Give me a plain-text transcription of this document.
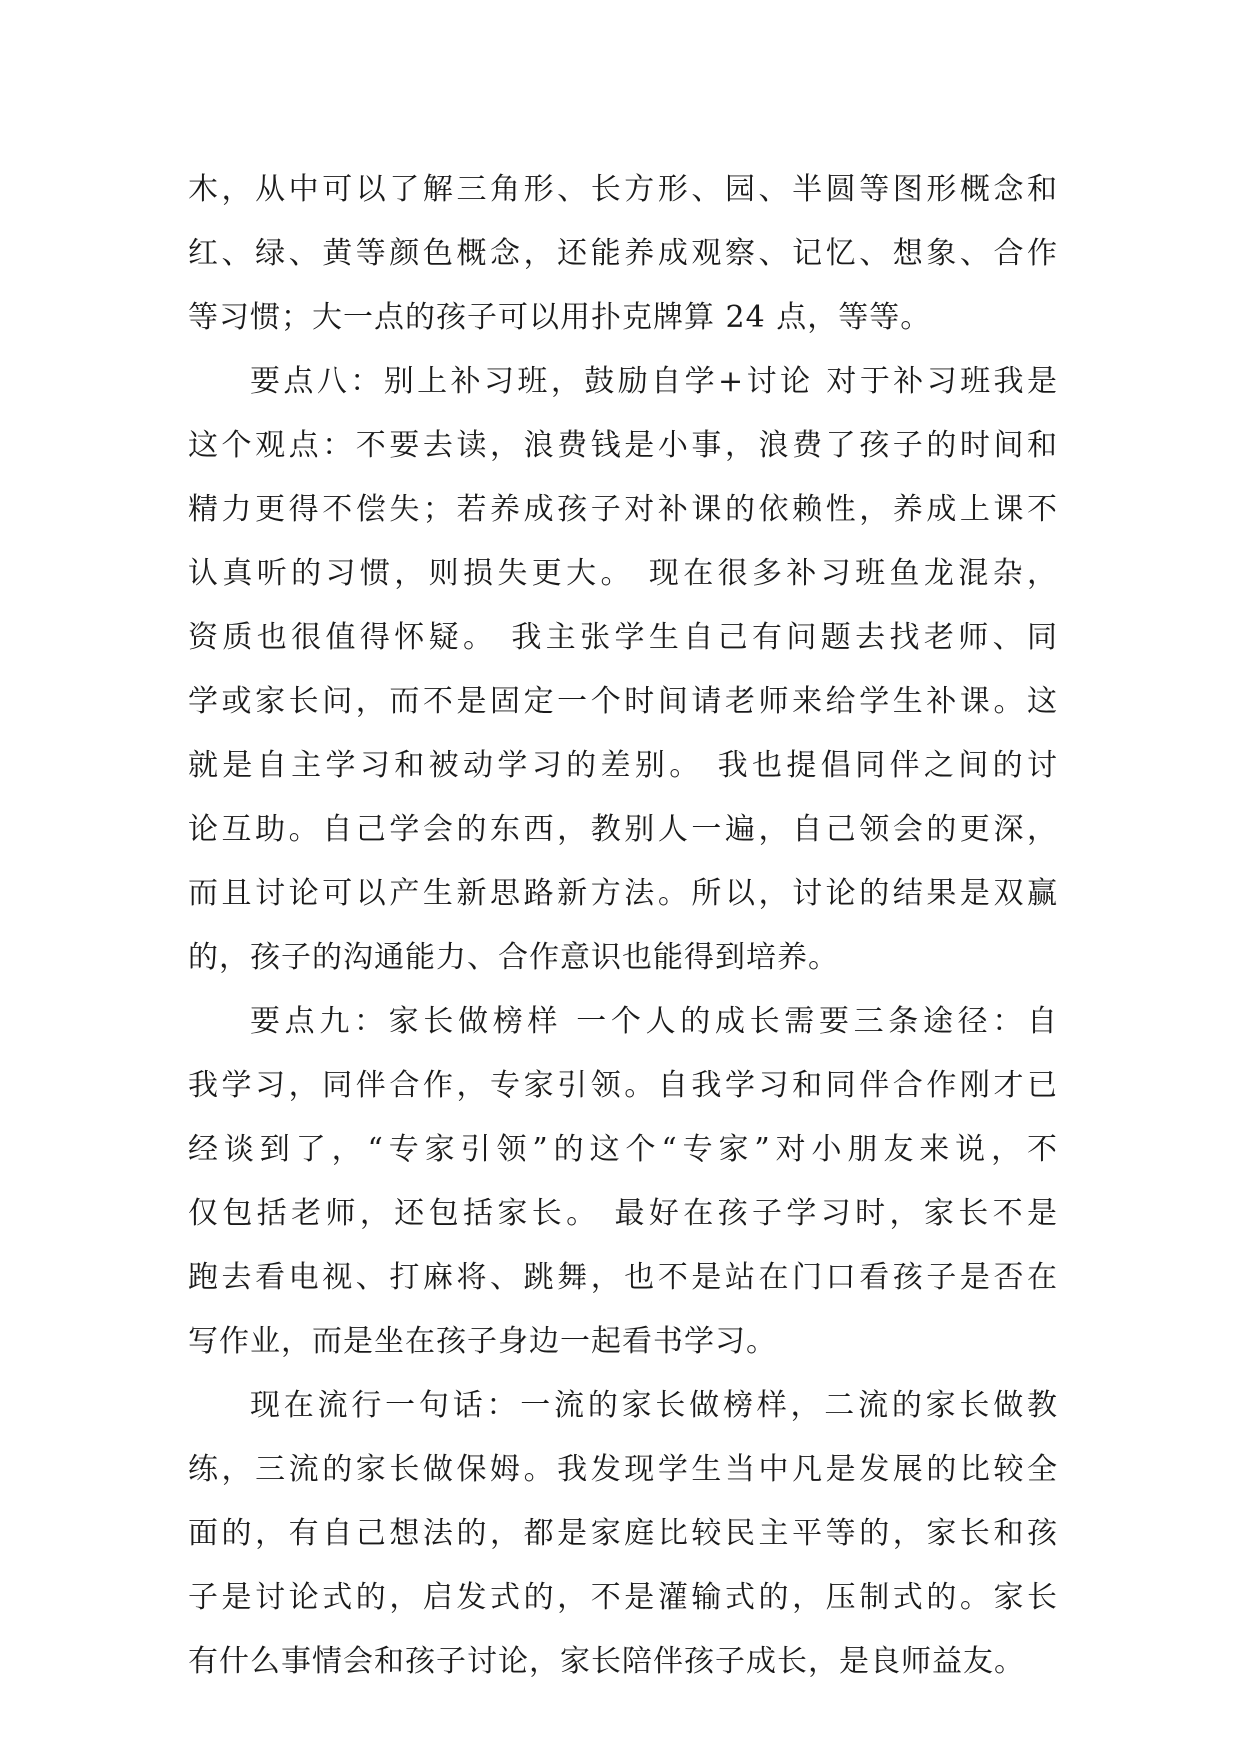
木，从中可以了解三角形、长方形、园、半圆等图形概念和
红、绿、黄等颜色概念，还能养成观察、记忆、想象、合作
等习惯；大一点的孩子可以用扑克牌算 24 点，等等。
要点八：别上补习班，鼓励自学+讨论 对于补习班我是
这个观点：不要去读，浪费钱是小事，浪费了孩子的时间和
精力更得不偿失；若养成孩子对补课的依赖性，养成上课不
认真听的习惯，则损失更大。 现在很多补习班鱼龙混杂，
资质也很值得怀疑。 我主张学生自己有问题去找老师、同
学或家长问，而不是固定一个时间请老师来给学生补课。这
就是自主学习和被动学习的差别。 我也提倡同伴之间的讨
论互助。自己学会的东西，教别人一遍，自己领会的更深，
而且讨论可以产生新思路新方法。所以，讨论的结果是双赢
的，孩子的沟通能力、合作意识也能得到培养。
要点九：家长做榜样 一个人的成长需要三条途径：自
我学习，同伴合作，专家引领。自我学习和同伴合作刚才已
经谈到了，“专家引领”的这个“专家”对小朋友来说，不
仅包括老师，还包括家长。 最好在孩子学习时，家长不是
跑去看电视、打麻将、跳舞，也不是站在门口看孩子是否在
写作业，而是坐在孩子身边一起看书学习。
现在流行一句话：一流的家长做榜样，二流的家长做教
练，三流的家长做保姆。我发现学生当中凡是发展的比较全
面的，有自己想法的，都是家庭比较民主平等的，家长和孩
子是讨论式的，启发式的，不是灌输式的，压制式的。家长
有什么事情会和孩子讨论，家长陪伴孩子成长，是良师益友。
